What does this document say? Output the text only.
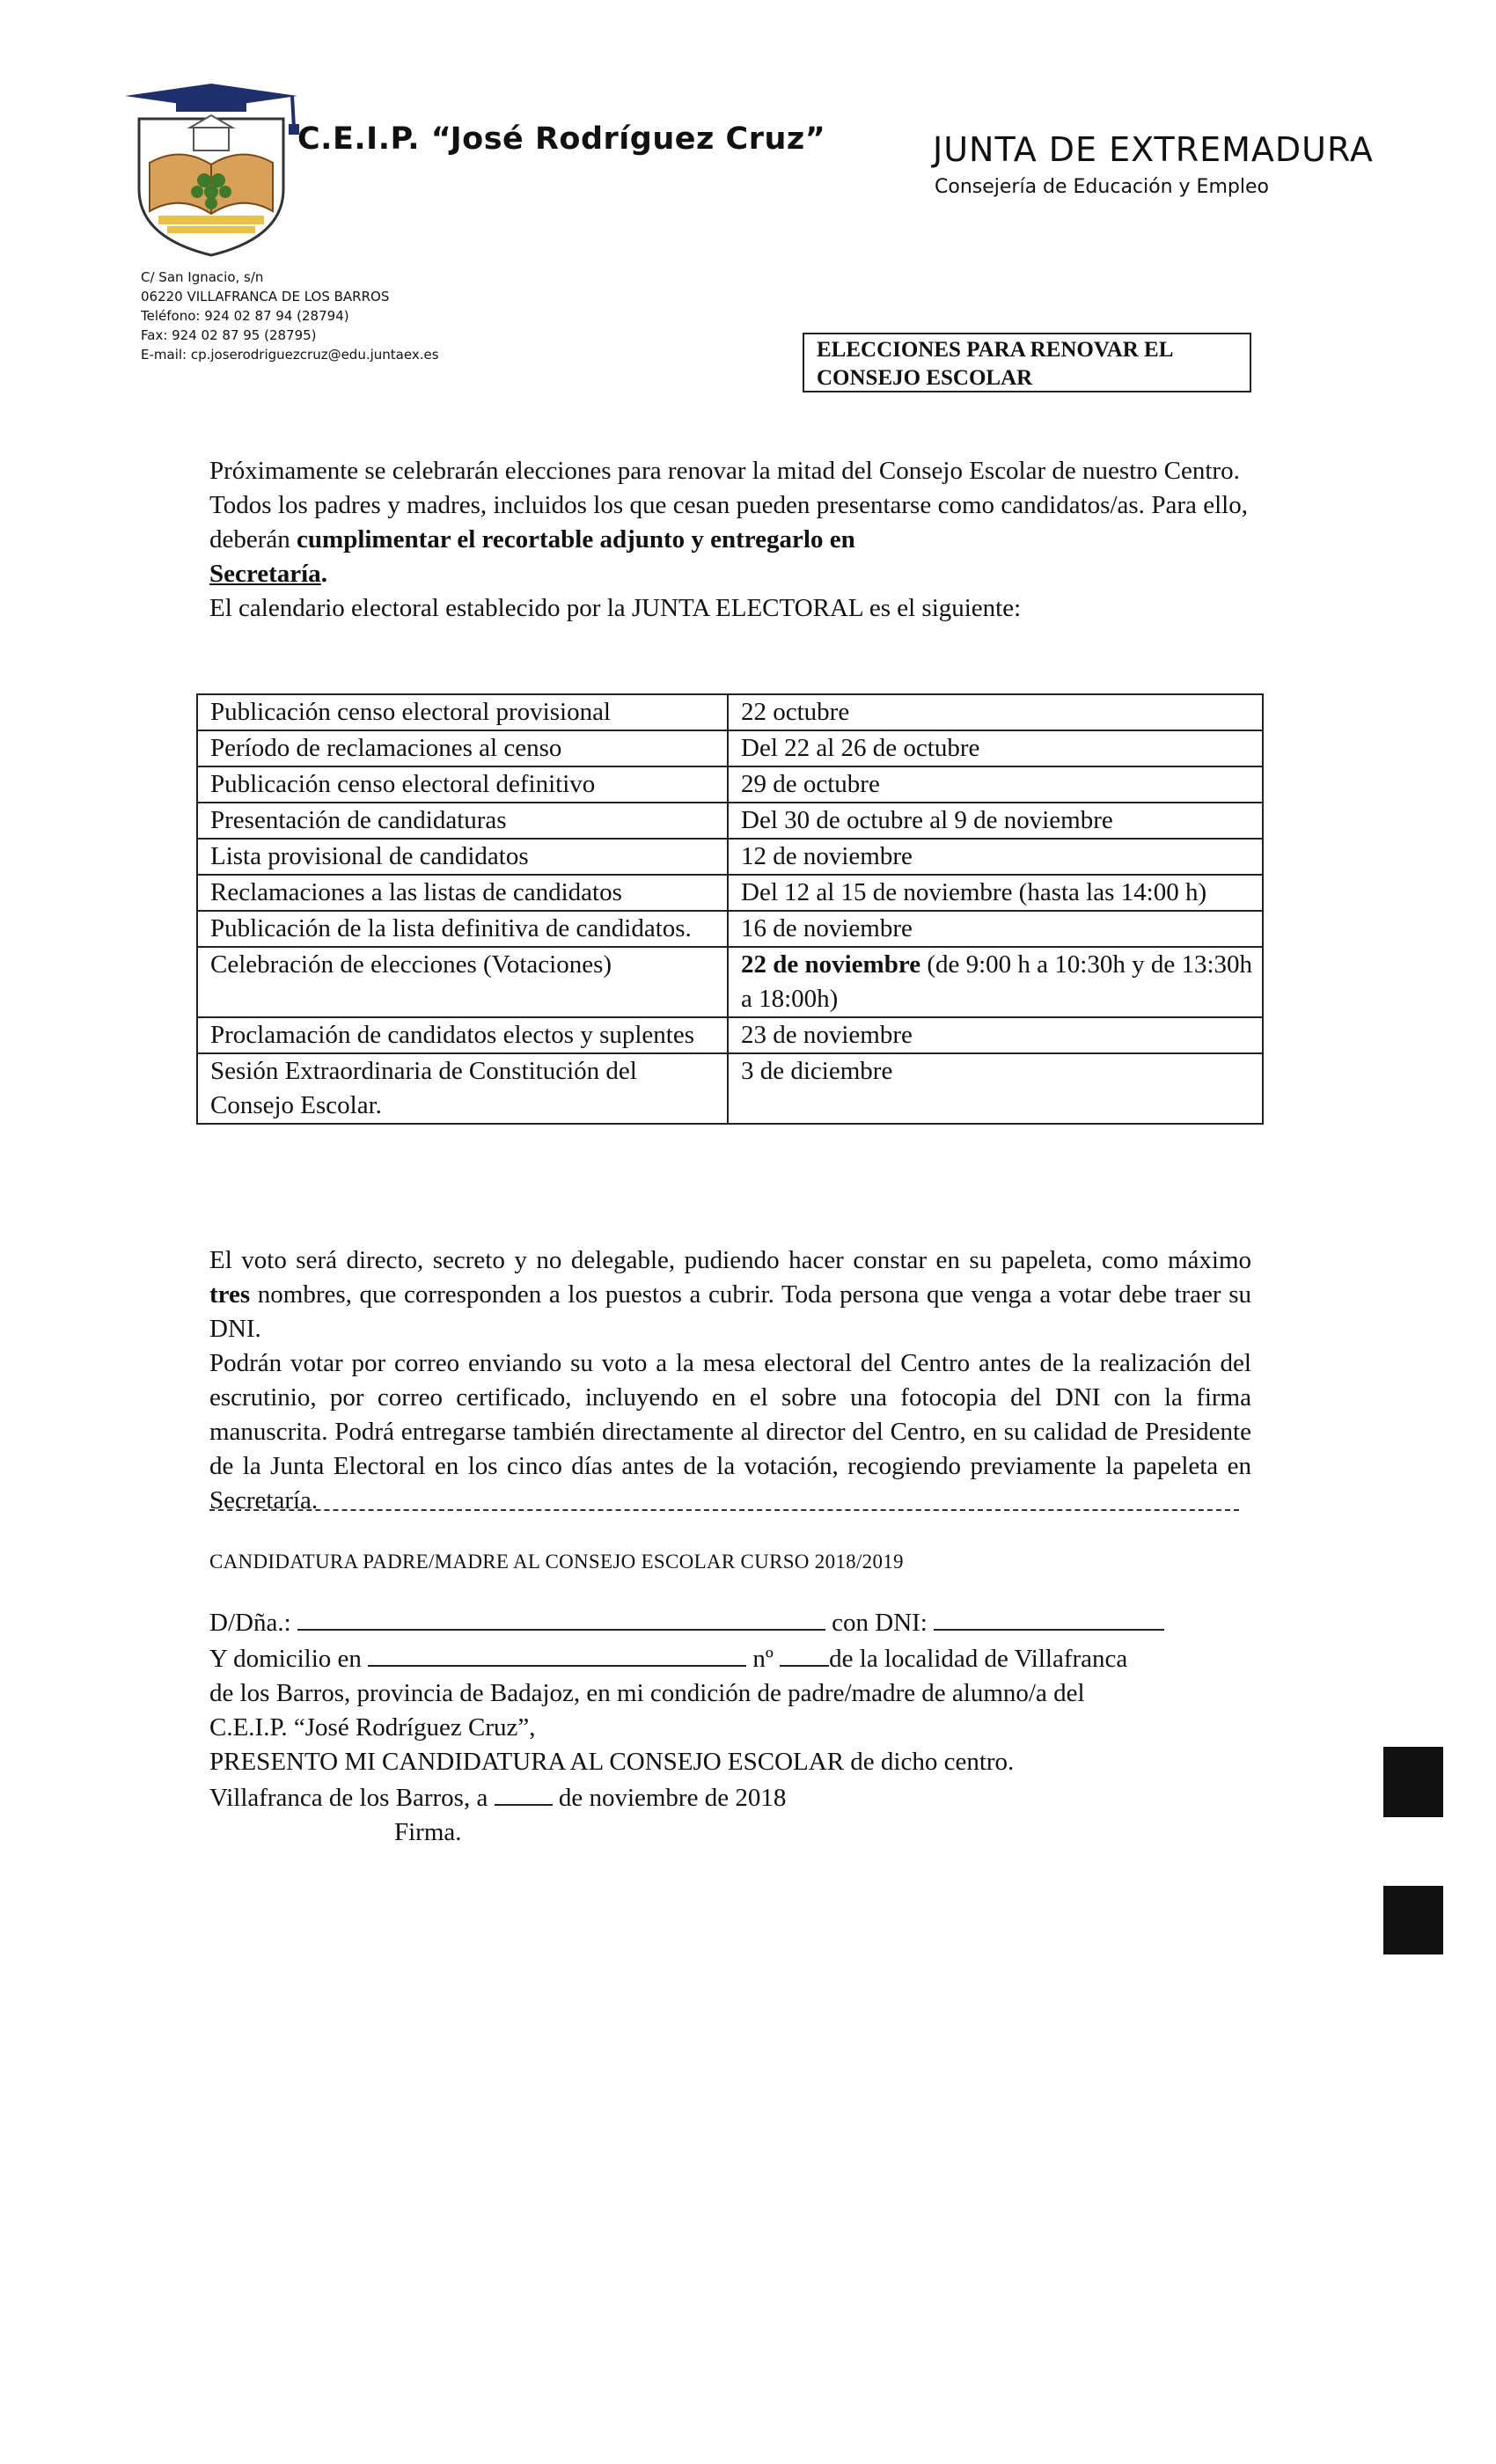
C.E.I.P. “José Rodríguez Cruz”	JUNTA DE EXTREMADURA
Consejería de Educación y Empleo
C/ San Ignacio, s/n
06220 VILLAFRANCA DE LOS BARROS
Teléfono: 924 02 87 94 (28794)
Fax: 924 02 87 95 (28795)
E-mail: cp.joserodriguezcruz@edu.juntaex.es	ELECCIONES PARA RENOVAR EL
CONSEJO ESCOLAR

Próximamente se celebrarán elecciones para renovar la mitad del Consejo Escolar de nuestro Centro.

Todos los padres y madres, incluidos los que cesan pueden presentarse como candidatos/as. Para ello, deberán cumplimentar el recortable adjunto y entregarlo en
Secretaría.

El calendario electoral establecido por la JUNTA ELECTORAL es el siguiente:

Publicación censo electoral provisional	22 octubre
Período de reclamaciones al censo	Del 22 al 26 de octubre
Publicación censo electoral definitivo	29 de octubre
Presentación de candidaturas	Del 30 de octubre al 9 de noviembre
Lista provisional de candidatos	12 de noviembre
Reclamaciones a las listas de candidatos	Del 12 al 15 de noviembre (hasta las 14:00 h)
Publicación de la lista definitiva de candidatos.	16 de noviembre
Celebración de elecciones (Votaciones)	22 de noviembre (de 9:00 h a 10:30h y de 13:30h a 18:00h)
Proclamación de candidatos electos y suplentes	23 de noviembre
Sesión Extraordinaria de Constitución del Consejo Escolar.	3 de diciembre

El voto será directo, secreto y no delegable, pudiendo hacer constar en su papeleta, como máximo tres nombres, que corresponden a los puestos a cubrir. Toda persona que venga a votar debe traer su DNI.

Podrán votar por correo enviando su voto a la mesa electoral del Centro antes de la realización del escrutinio, por correo certificado, incluyendo en el sobre una fotocopia del DNI con la firma manuscrita. Podrá entregarse también directamente al director del Centro, en su calidad de Presidente de la Junta Electoral en los cinco días antes de la votación, recogiendo previamente la papeleta en Secretaría.

CANDIDATURA PADRE/MADRE AL CONSEJO ESCOLAR CURSO 2018/2019
D/Dña.:	con DNI:
Y domicilio en	nº de la localidad de Villafranca
de los Barros, provincia de Badajoz, en mi condición de padre/madre de alumno/a del
C.E.I.P. “José Rodríguez Cruz”,
PRESENTO MI CANDIDATURA AL CONSEJO ESCOLAR de dicho centro.
Villafranca de los Barros, a	de noviembre de 2018
Firma.
